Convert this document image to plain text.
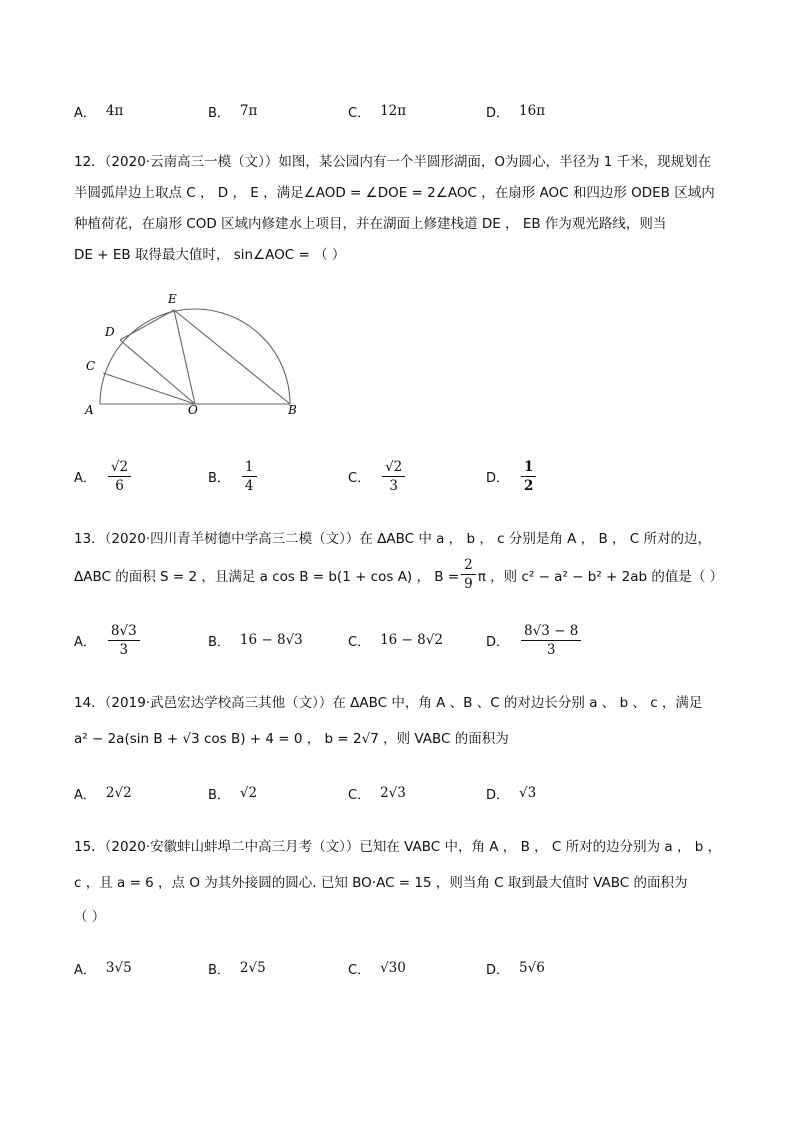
A． 4π	B． 7π	C． 12π	D． 16π
12．（2020·云南高三一模（文））如图，某公园内有一个半圆形湖面，O为圆心，半径为 1 千米，现规划在
半圆弧岸边上取点 C ， D ， E ，满足∠AOD = ∠DOE = 2∠AOC ，在扇形 AOC 和四边形 ODEB 区域内
种植荷花，在扇形 COD 区域内修建水上项目，并在湖面上修建栈道 DE ， EB 作为观光路线，则当
DE + EB 取得最大值时， sin∠AOC = （ ）
A	B
C
D
E
O
A． $\frac{√2}{6}$	B． $\frac{1}{4}$	C． $\frac{√2}{3}$	D． $\frac{1}{2}$
13．（2020·四川青羊树德中学高三二模（文））在 ΔABC 中 a ， b ， c 分别是角 A ， B ， C 所对的边，
ΔABC 的面积 S = 2 ，且满足 a cos B = b(1 + cos A) ， $B = \frac{2}{9}$ π ，则 c² − a² − b² + 2ab 的值是（ ）
A． $\frac{8√3}{3}$	B． 16 − 8√3	C． 16 − 8√2	D． $\frac{8√3 - 8}{3}$
14．（2019·武邑宏达学校高三其他（文））在 ΔABC 中，角 A 、B 、C 的对边长分别 a 、 b 、 c ，满足
a² − 2a(sin B + √3 cos B) + 4 = 0 ， b = 2√7 ，则 VABC 的面积为
A． 2√2	B． √2	C． 2√3	D． √3
15．（2020·安徽蚌山蚌埠二中高三月考（文））已知在 VABC 中，角 A ， B ， C 所对的边分别为 a ， b ，
c ，且 a = 6 ，点 O 为其外接圆的圆心. 已知 BO·AC = 15 ，则当角 C 取到最大值时 VABC 的面积为
（ ）
A． 3√5	B． 2√5	C． √30	D． 5√6
